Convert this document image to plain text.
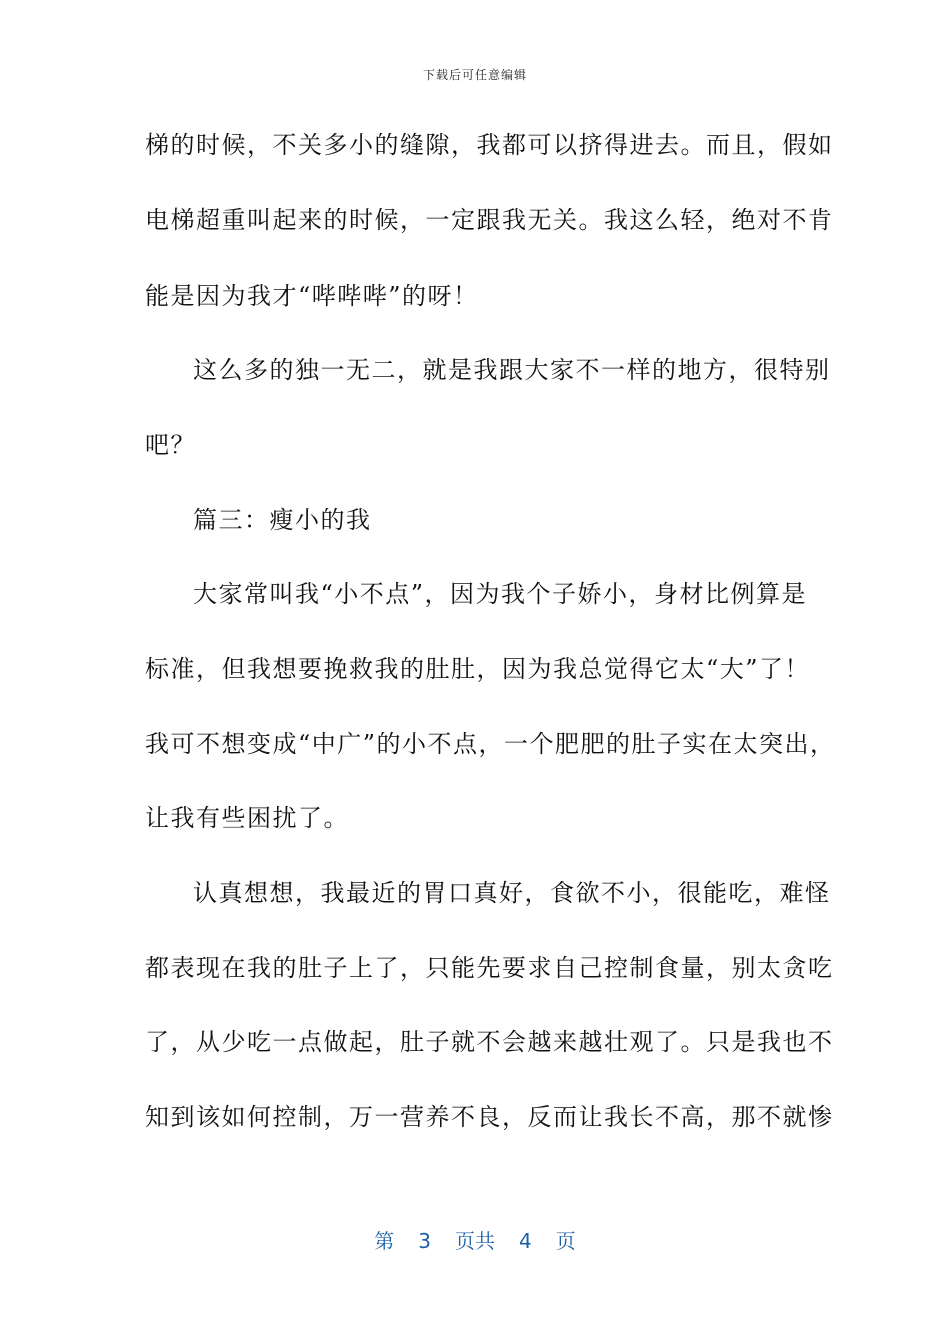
下载后可任意编辑
梯的时候，不关多小的缝隙，我都可以挤得进去。而且，假如
电梯超重叫起来的时候，一定跟我无关。我这么轻，绝对不肯
能是因为我才“哔哔哔”的呀！
这么多的独一无二，就是我跟大家不一样的地方，很特别
吧？
篇三：瘦小的我
大家常叫我“小不点”，因为我个子娇小，身材比例算是
标准，但我想要挽救我的肚肚，因为我总觉得它太“大”了！
我可不想变成“中广”的小不点，一个肥肥的肚子实在太突出，
让我有些困扰了。
认真想想，我最近的胃口真好，食欲不小，很能吃，难怪
都表现在我的肚子上了，只能先要求自己控制食量，别太贪吃
了，从少吃一点做起，肚子就不会越来越壮观了。只是我也不
知到该如何控制，万一营养不良，反而让我长不高，那不就惨
第 3 页共 4 页
